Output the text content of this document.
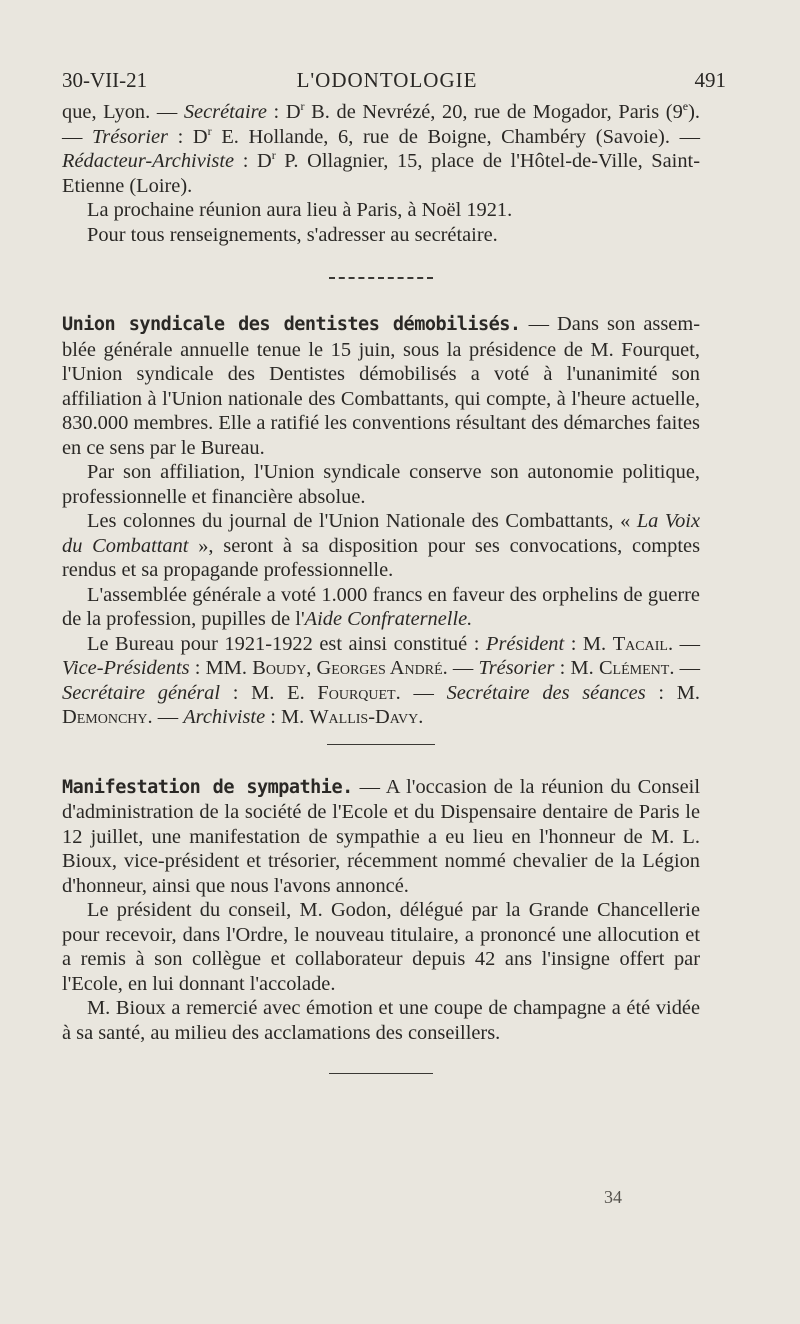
30-VII-21	L'ODONTOLOGIE	491

que, Lyon. — Secrétaire : $D^r$ B. de Nevrézé, 20, rue de Mogador, Paris (9e). — Trésorier : $D^r$ E. Hollande, 6, rue de Boigne, Chambéry (Savoie). — Rédacteur-Archiviste : $D^r$ P. Ollagnier, 15, place de l'Hôtel-de-Ville, Saint-Etienne (Loire).

La prochaine réunion aura lieu à Paris, à Noël 1921.

Pour tous renseignements, s'adresser au secrétaire.

Union syndicale des dentistes démobilisés. — Dans son assemblée générale annuelle tenue le 15 juin, sous la présidence de M. Fourquet, l'Union syndicale des Dentistes démobilisés a voté à l'unanimité son affiliation à l'Union nationale des Combattants, qui compte, à l'heure actuelle, 830.000 membres. Elle a ratifié les conventions résultant des démarches faites en ce sens par le Bureau.

Par son affiliation, l'Union syndicale conserve son autonomie politique, professionnelle et financière absolue.

Les colonnes du journal de l'Union Nationale des Combattants, « La Voix du Combattant », seront à sa disposition pour ses convocations, comptes rendus et sa propagande professionnelle.

L'assemblée générale a voté 1.000 francs en faveur des orphelins de guerre de la profession, pupilles de l'Aide Confraternelle.

Le Bureau pour 1921-1922 est ainsi constitué : Président : M. Tacail. — Vice-Présidents : MM. Boudy, Georges André. — Trésorier : M. Clément. — Secrétaire général : M. E. Fourquet. — Secrétaire des séances : M. Demonchy. — Archiviste : M. Wallis-Davy.

Manifestation de sympathie. — A l'occasion de la réunion du Conseil d'administration de la société de l'Ecole et du Dispensaire dentaire de Paris le 12 juillet, une manifestation de sympathie a eu lieu en l'honneur de M. L. Bioux, vice-président et trésorier, récemment nommé chevalier de la Légion d'honneur, ainsi que nous l'avons annoncé.

Le président du conseil, M. Godon, délégué par la Grande Chancellerie pour recevoir, dans l'Ordre, le nouveau titulaire, a prononcé une allocution et a remis à son collègue et collaborateur depuis 42 ans l'insigne offert par l'Ecole, en lui donnant l'accolade.

M. Bioux a remercié avec émotion et une coupe de champagne a été vidée à sa santé, au milieu des acclamations des conseillers.

34
